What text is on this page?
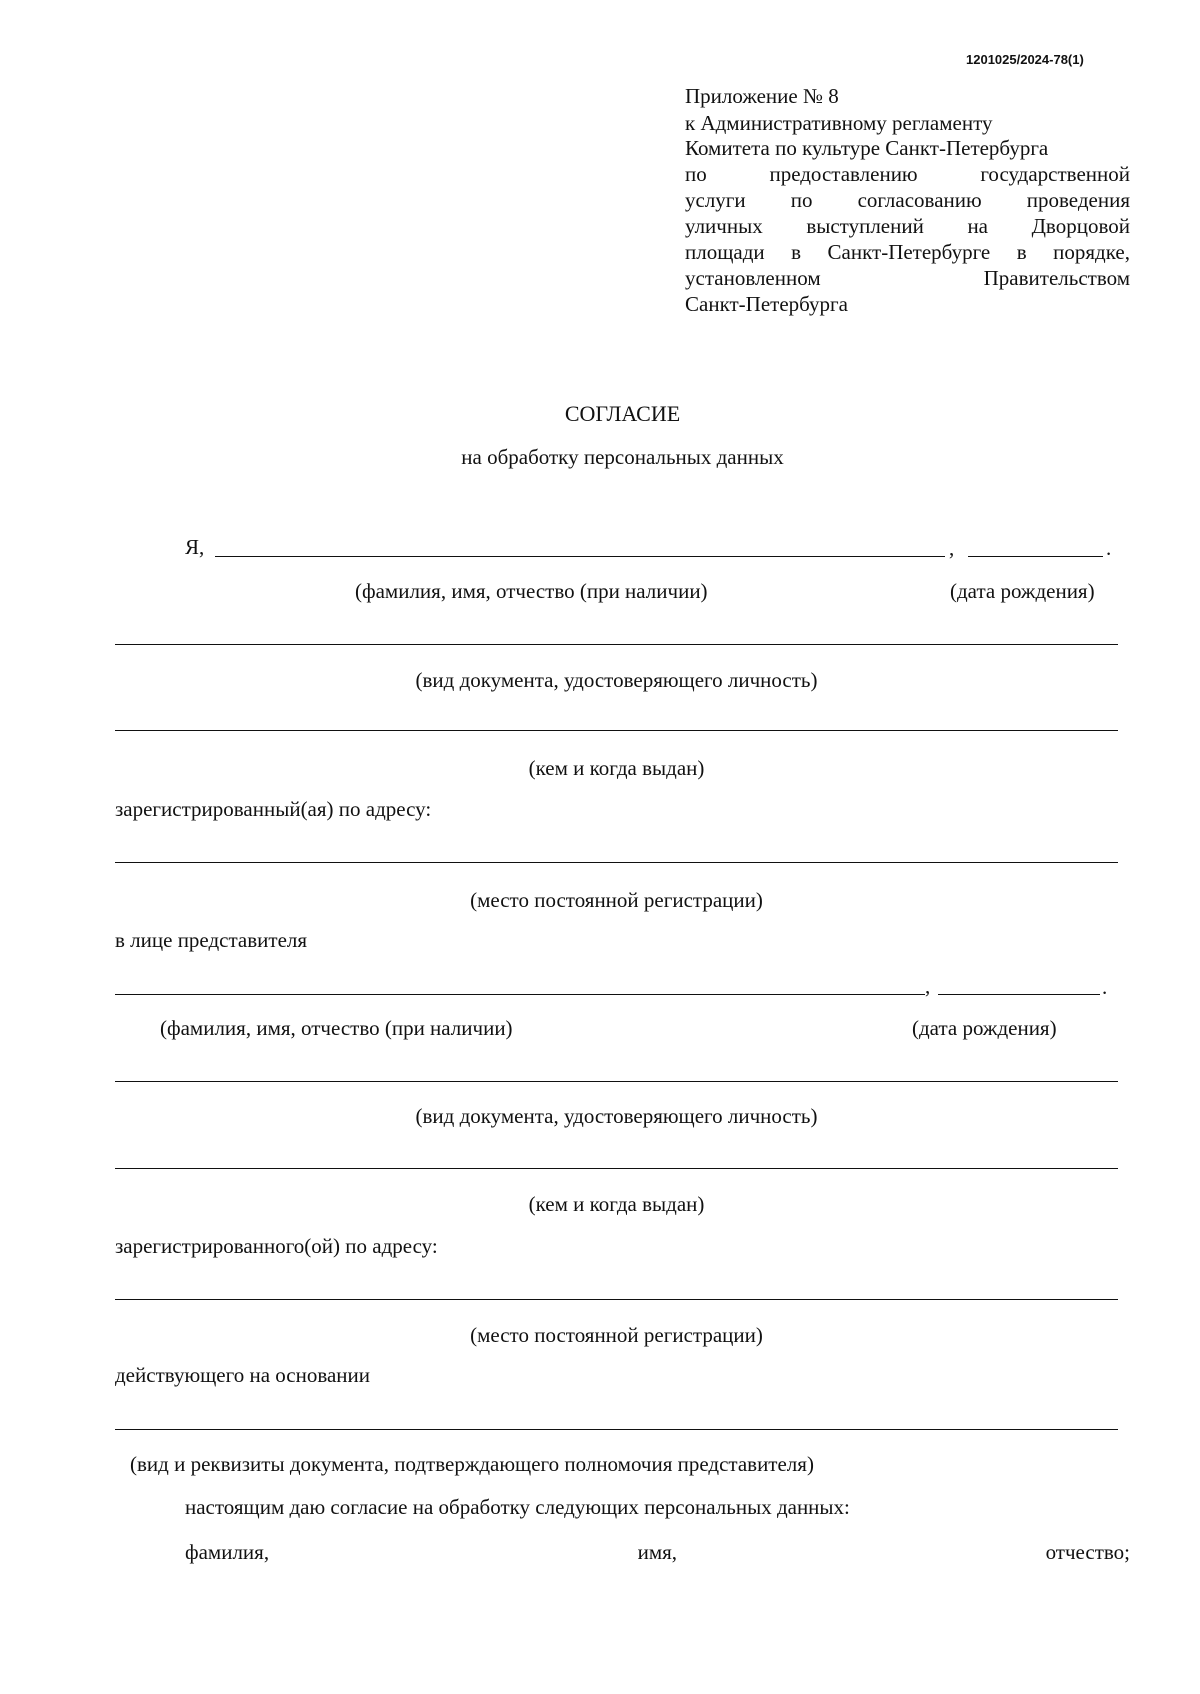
1201025/2024-78(1)
Приложение № 8
к Административному регламенту
Комитета по культуре Санкт-Петербурга
по	предоставлению	государственной
услуги по согласованию проведения
уличных выступлений на Дворцовой
площади в Санкт-Петербурге в порядке,
установленном	Правительством
Санкт-Петербурга
СОГЛАСИЕ
на обработку персональных данных
Я,	,	.
(фамилия, имя, отчество (при наличии)	(дата рождения)
(вид документа, удостоверяющего личность)
(кем и когда выдан)
зарегистрированный(ая) по адресу:
(место постоянной регистрации)
в лице представителя
,	.
(фамилия, имя, отчество (при наличии)	(дата рождения)
(вид документа, удостоверяющего личность)
(кем и когда выдан)
зарегистрированного(ой) по адресу:
(место постоянной регистрации)
действующего на основании
(вид и реквизиты документа, подтверждающего полномочия представителя)
настоящим даю согласие на обработку следующих персональных данных:
фамилия,	имя,	отчество;
